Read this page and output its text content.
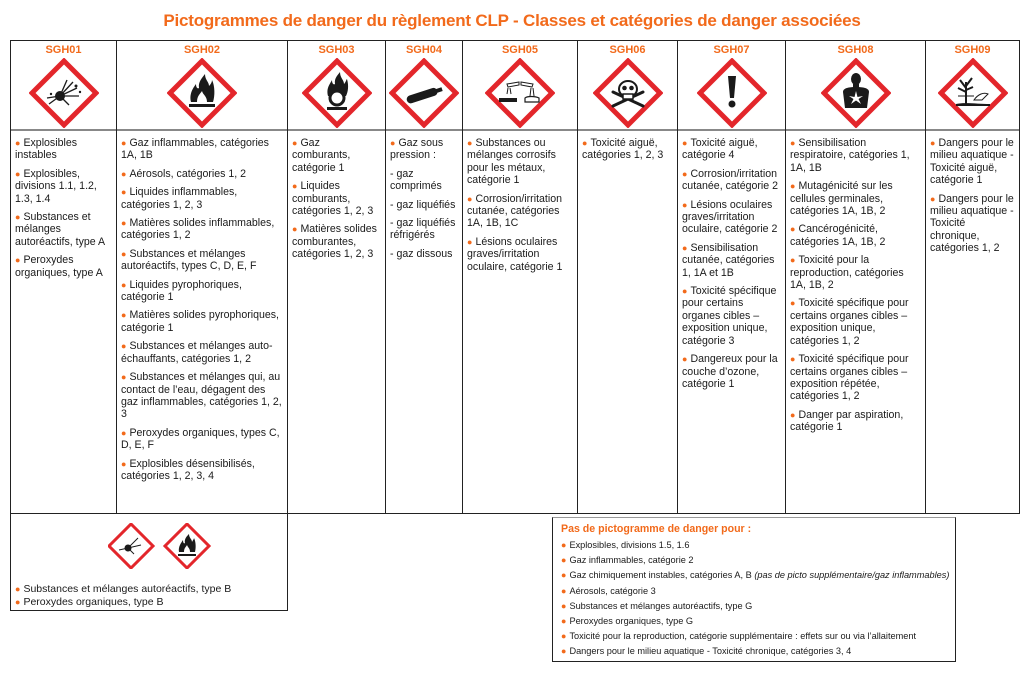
Pictogrammes de danger du règlement CLP - Classes et catégories de danger associées
SGH01
● Explosibles instables
● Explosibles, divisions 1.1, 1.2, 1.3, 1.4
● Substances et mélanges autoréactifs, type A
● Peroxydes organiques, type A
SGH02
● Gaz inflammables, catégories 1A, 1B
● Aérosols, catégories 1, 2
● Liquides inflammables, catégories 1, 2, 3
● Matières solides inflammables, catégories 1, 2
● Substances et mélanges autoréactifs, types C, D, E, F
● Liquides pyrophoriques, catégorie 1
● Matières solides pyrophoriques, catégorie 1
● Substances et mélanges auto-échauffants, catégories 1, 2
● Substances et mélanges qui, au contact de l’eau, dégagent des gaz inflammables, catégories 1, 2, 3
● Peroxydes organiques, types C, D, E, F
● Explosibles désensibilisés, catégories 1, 2, 3, 4
SGH03
● Gaz comburants, catégorie 1
● Liquides comburants, catégories 1, 2, 3
● Matières solides comburantes, catégories 1, 2, 3
SGH04
● Gaz sous pression :
- gaz comprimés
- gaz liquéfiés
- gaz liquéfiés réfrigérés
- gaz dissous
SGH05
● Substances ou mélanges corrosifs pour les métaux, catégorie 1
● Corrosion/irritation cutanée, catégories 1A, 1B, 1C
● Lésions oculaires graves/irritation oculaire, catégorie 1
SGH06
● Toxicité aiguë, catégories 1, 2, 3
SGH07
● Toxicité aiguë, catégorie 4
● Corrosion/irritation cutanée, catégorie 2
● Lésions oculaires graves/irritation oculaire, catégorie 2
● Sensibilisation cutanée, catégories 1, 1A et 1B
● Toxicité spécifique pour certains organes cibles – exposition unique, catégorie 3
● Dangereux pour la couche d’ozone, catégorie 1
SGH08
● Sensibilisation respiratoire, catégories 1, 1A, 1B
● Mutagénicité sur les cellules germinales, catégories 1A, 1B, 2
● Cancérogénicité, catégories 1A, 1B, 2
● Toxicité pour la reproduction, catégories 1A, 1B, 2
● Toxicité spécifique pour certains organes cibles – exposition unique, catégories 1, 2
● Toxicité spécifique pour certains organes cibles – exposition répétée, catégories 1, 2
● Danger par aspiration, catégorie 1
SGH09
● Dangers pour le milieu aquatique - Toxicité aiguë, catégorie 1
● Dangers pour le milieu aquatique - Toxicité chronique, catégories 1, 2
● Substances et mélanges autoréactifs, type B
● Peroxydes organiques, type B
Pas de pictogramme de danger pour :
● Explosibles, divisions 1.5, 1.6
● Gaz inflammables, catégorie 2
● Gaz chimiquement instables, catégories A, B (pas de picto supplémentaire/gaz inflammables)
● Aérosols, catégorie 3
● Substances et mélanges autoréactifs, type G
● Peroxydes organiques, type G
● Toxicité pour la reproduction, catégorie supplémentaire : effets sur ou via l’allaitement
● Dangers pour le milieu aquatique - Toxicité chronique, catégories 3, 4
